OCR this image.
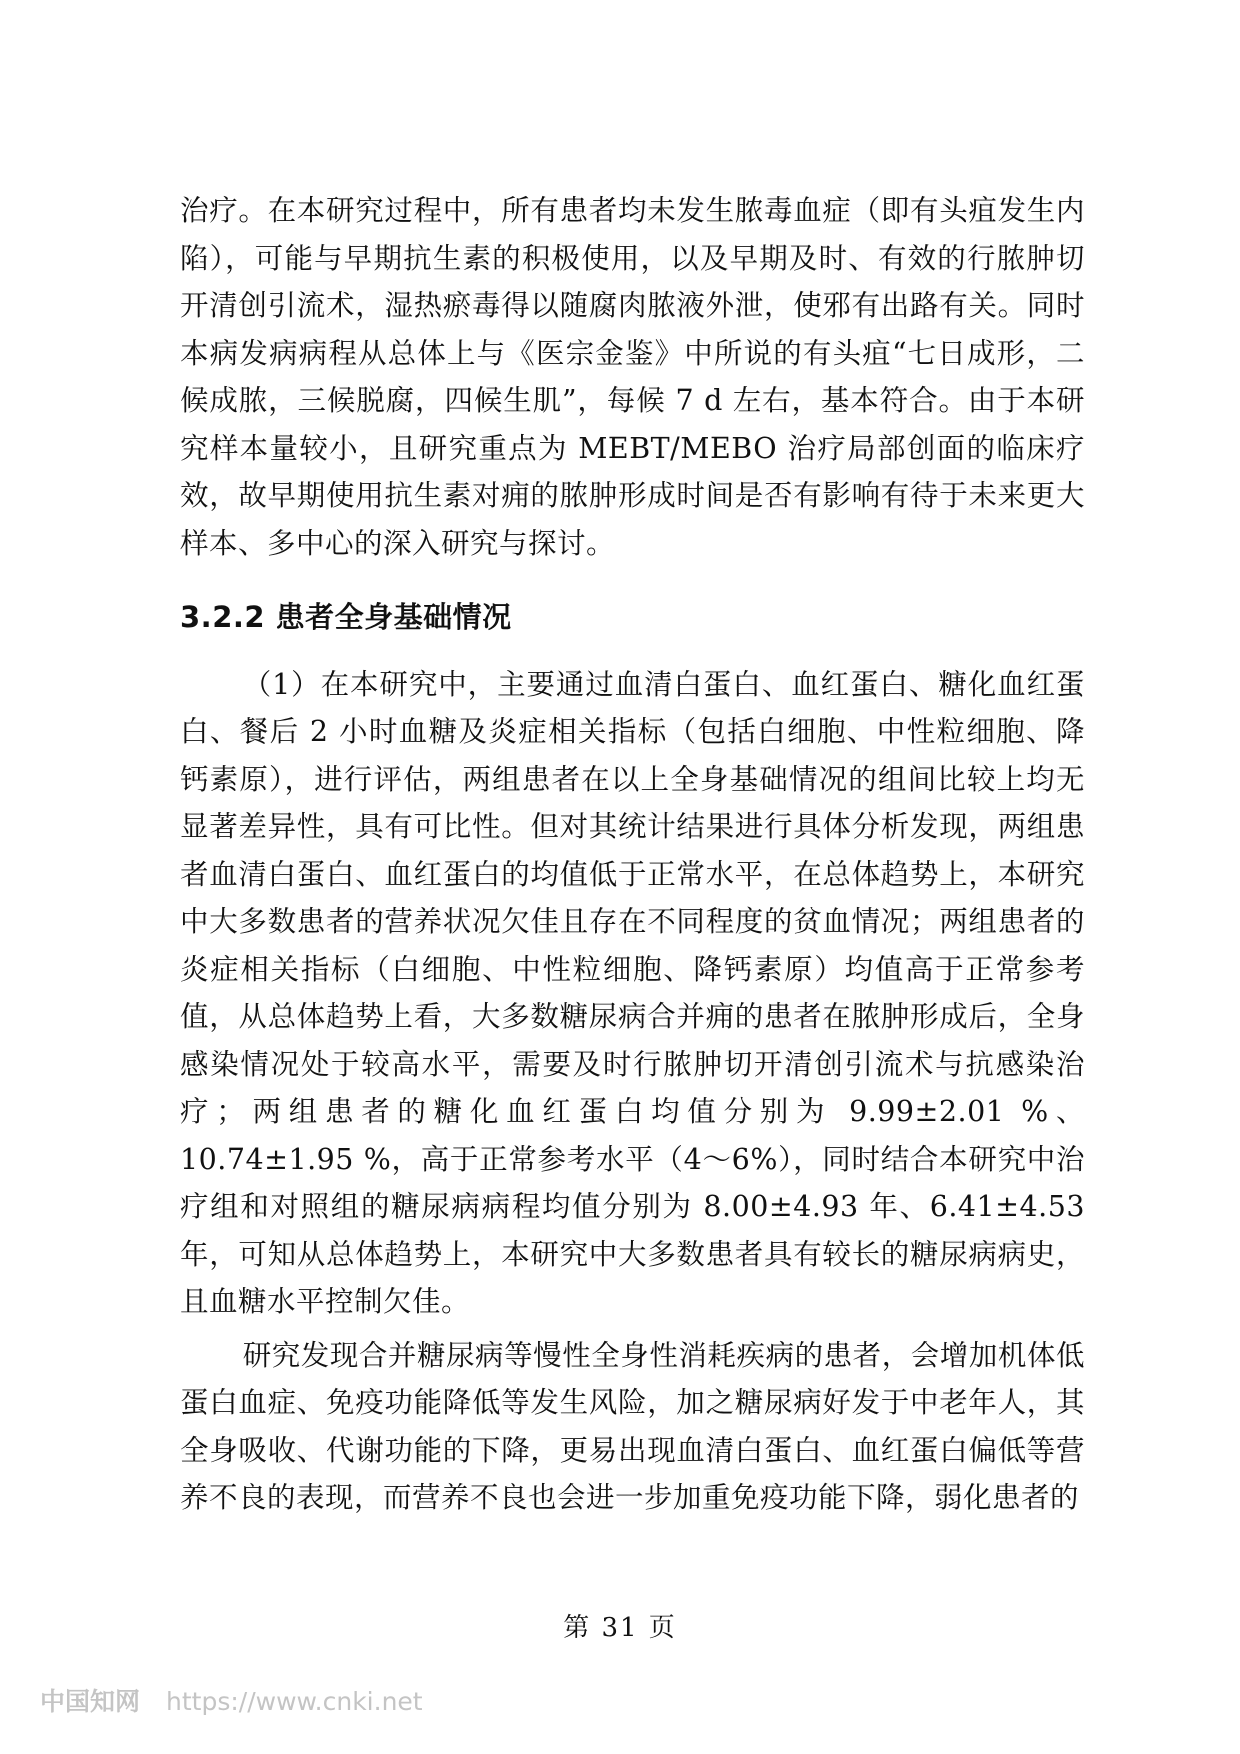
治疗。在本研究过程中，所有患者均未发生脓毒血症（即有头疽发生内陷），可能与早期抗生素的积极使用，以及早期及时、有效的行脓肿切开清创引流术，湿热瘀毒得以随腐肉脓液外泄，使邪有出路有关。同时本病发病病程从总体上与《医宗金鉴》中所说的有头疽“七日成形，二候成脓，三候脱腐，四候生肌”，每候 7 d 左右，基本符合。由于本研究样本量较小，且研究重点为 MEBT/MEBO 治疗局部创面的临床疗效，故早期使用抗生素对痈的脓肿形成时间是否有影响有待于未来更大样本、多中心的深入研究与探讨。

3.2.2 患者全身基础情况

（1）在本研究中，主要通过血清白蛋白、血红蛋白、糖化血红蛋白、餐后 2 小时血糖及炎症相关指标（包括白细胞、中性粒细胞、降钙素原），进行评估，两组患者在以上全身基础情况的组间比较上均无显著差异性，具有可比性。但对其统计结果进行具体分析发现，两组患者血清白蛋白、血红蛋白的均值低于正常水平，在总体趋势上，本研究中大多数患者的营养状况欠佳且存在不同程度的贫血情况；两组患者的炎症相关指标（白细胞、中性粒细胞、降钙素原）均值高于正常参考值，从总体趋势上看，大多数糖尿病合并痈的患者在脓肿形成后，全身感染情况处于较高水平，需要及时行脓肿切开清创引流术与抗感染治疗；两组患者的糖化血红蛋白均值分别为 9.99±2.01 %、10.74±1.95 %，高于正常参考水平（4～6%），同时结合本研究中治疗组和对照组的糖尿病病程均值分别为 8.00±4.93 年、6.41±4.53 年，可知从总体趋势上，本研究中大多数患者具有较长的糖尿病病史，且血糖水平控制欠佳。

研究发现合并糖尿病等慢性全身性消耗疾病的患者，会增加机体低蛋白血症、免疫功能降低等发生风险，加之糖尿病好发于中老年人，其全身吸收、代谢功能的下降，更易出现血清白蛋白、血红蛋白偏低等营养不良的表现，而营养不良也会进一步加重免疫功能下降，弱化患者的

第 31 页
中国知网 https://www.cnki.net
